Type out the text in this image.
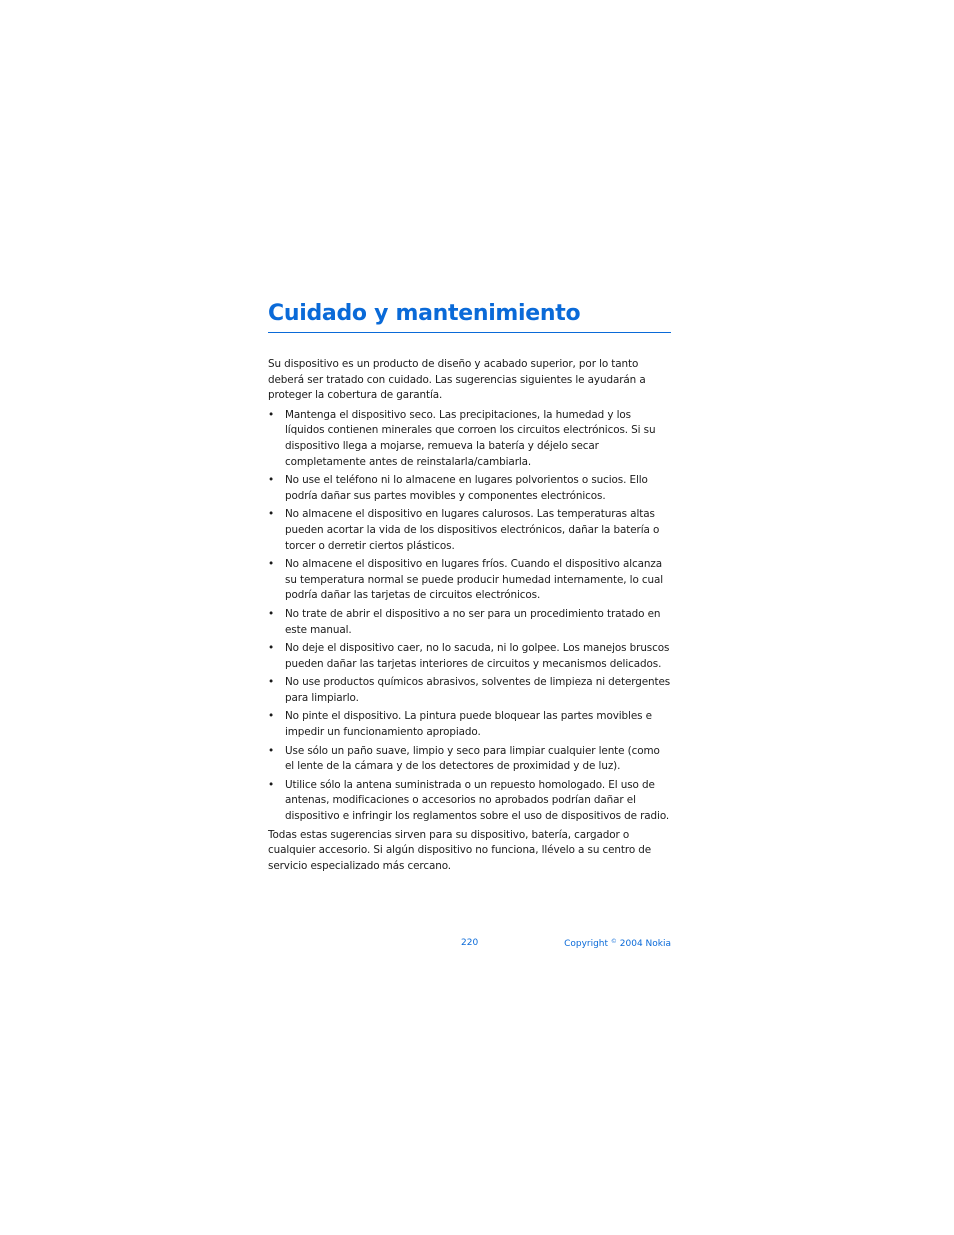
Cuidado y mantenimiento

Su dispositivo es un producto de diseño y acabado superior, por lo tanto deberá ser tratado con cuidado. Las sugerencias siguientes le ayudarán a proteger la cobertura de garantía.

• Mantenga el dispositivo seco. Las precipitaciones, la humedad y los líquidos contienen minerales que corroen los circuitos electrónicos. Si su dispositivo llega a mojarse, remueva la batería y déjelo secar completamente antes de reinstalarla/cambiarla.
• No use el teléfono ni lo almacene en lugares polvorientos o sucios. Ello podría dañar sus partes movibles y componentes electrónicos.
• No almacene el dispositivo en lugares calurosos. Las temperaturas altas pueden acortar la vida de los dispositivos electrónicos, dañar la batería o torcer o derretir ciertos plásticos.
• No almacene el dispositivo en lugares fríos. Cuando el dispositivo alcanza su temperatura normal se puede producir humedad internamente, lo cual podría dañar las tarjetas de circuitos electrónicos.
• No trate de abrir el dispositivo a no ser para un procedimiento tratado en este manual.
• No deje el dispositivo caer, no lo sacuda, ni lo golpee. Los manejos bruscos pueden dañar las tarjetas interiores de circuitos y mecanismos delicados.
• No use productos químicos abrasivos, solventes de limpieza ni detergentes para limpiarlo.
• No pinte el dispositivo. La pintura puede bloquear las partes movibles e impedir un funcionamiento apropiado.
• Use sólo un paño suave, limpio y seco para limpiar cualquier lente (como el lente de la cámara y de los detectores de proximidad y de luz).
• Utilice sólo la antena suministrada o un repuesto homologado. El uso de antenas, modificaciones o accesorios no aprobados podrían dañar el dispositivo e infringir los reglamentos sobre el uso de dispositivos de radio.

Todas estas sugerencias sirven para su dispositivo, batería, cargador o cualquier accesorio. Si algún dispositivo no funciona, llévelo a su centro de servicio especializado más cercano.

220	Copyright © 2004 Nokia
